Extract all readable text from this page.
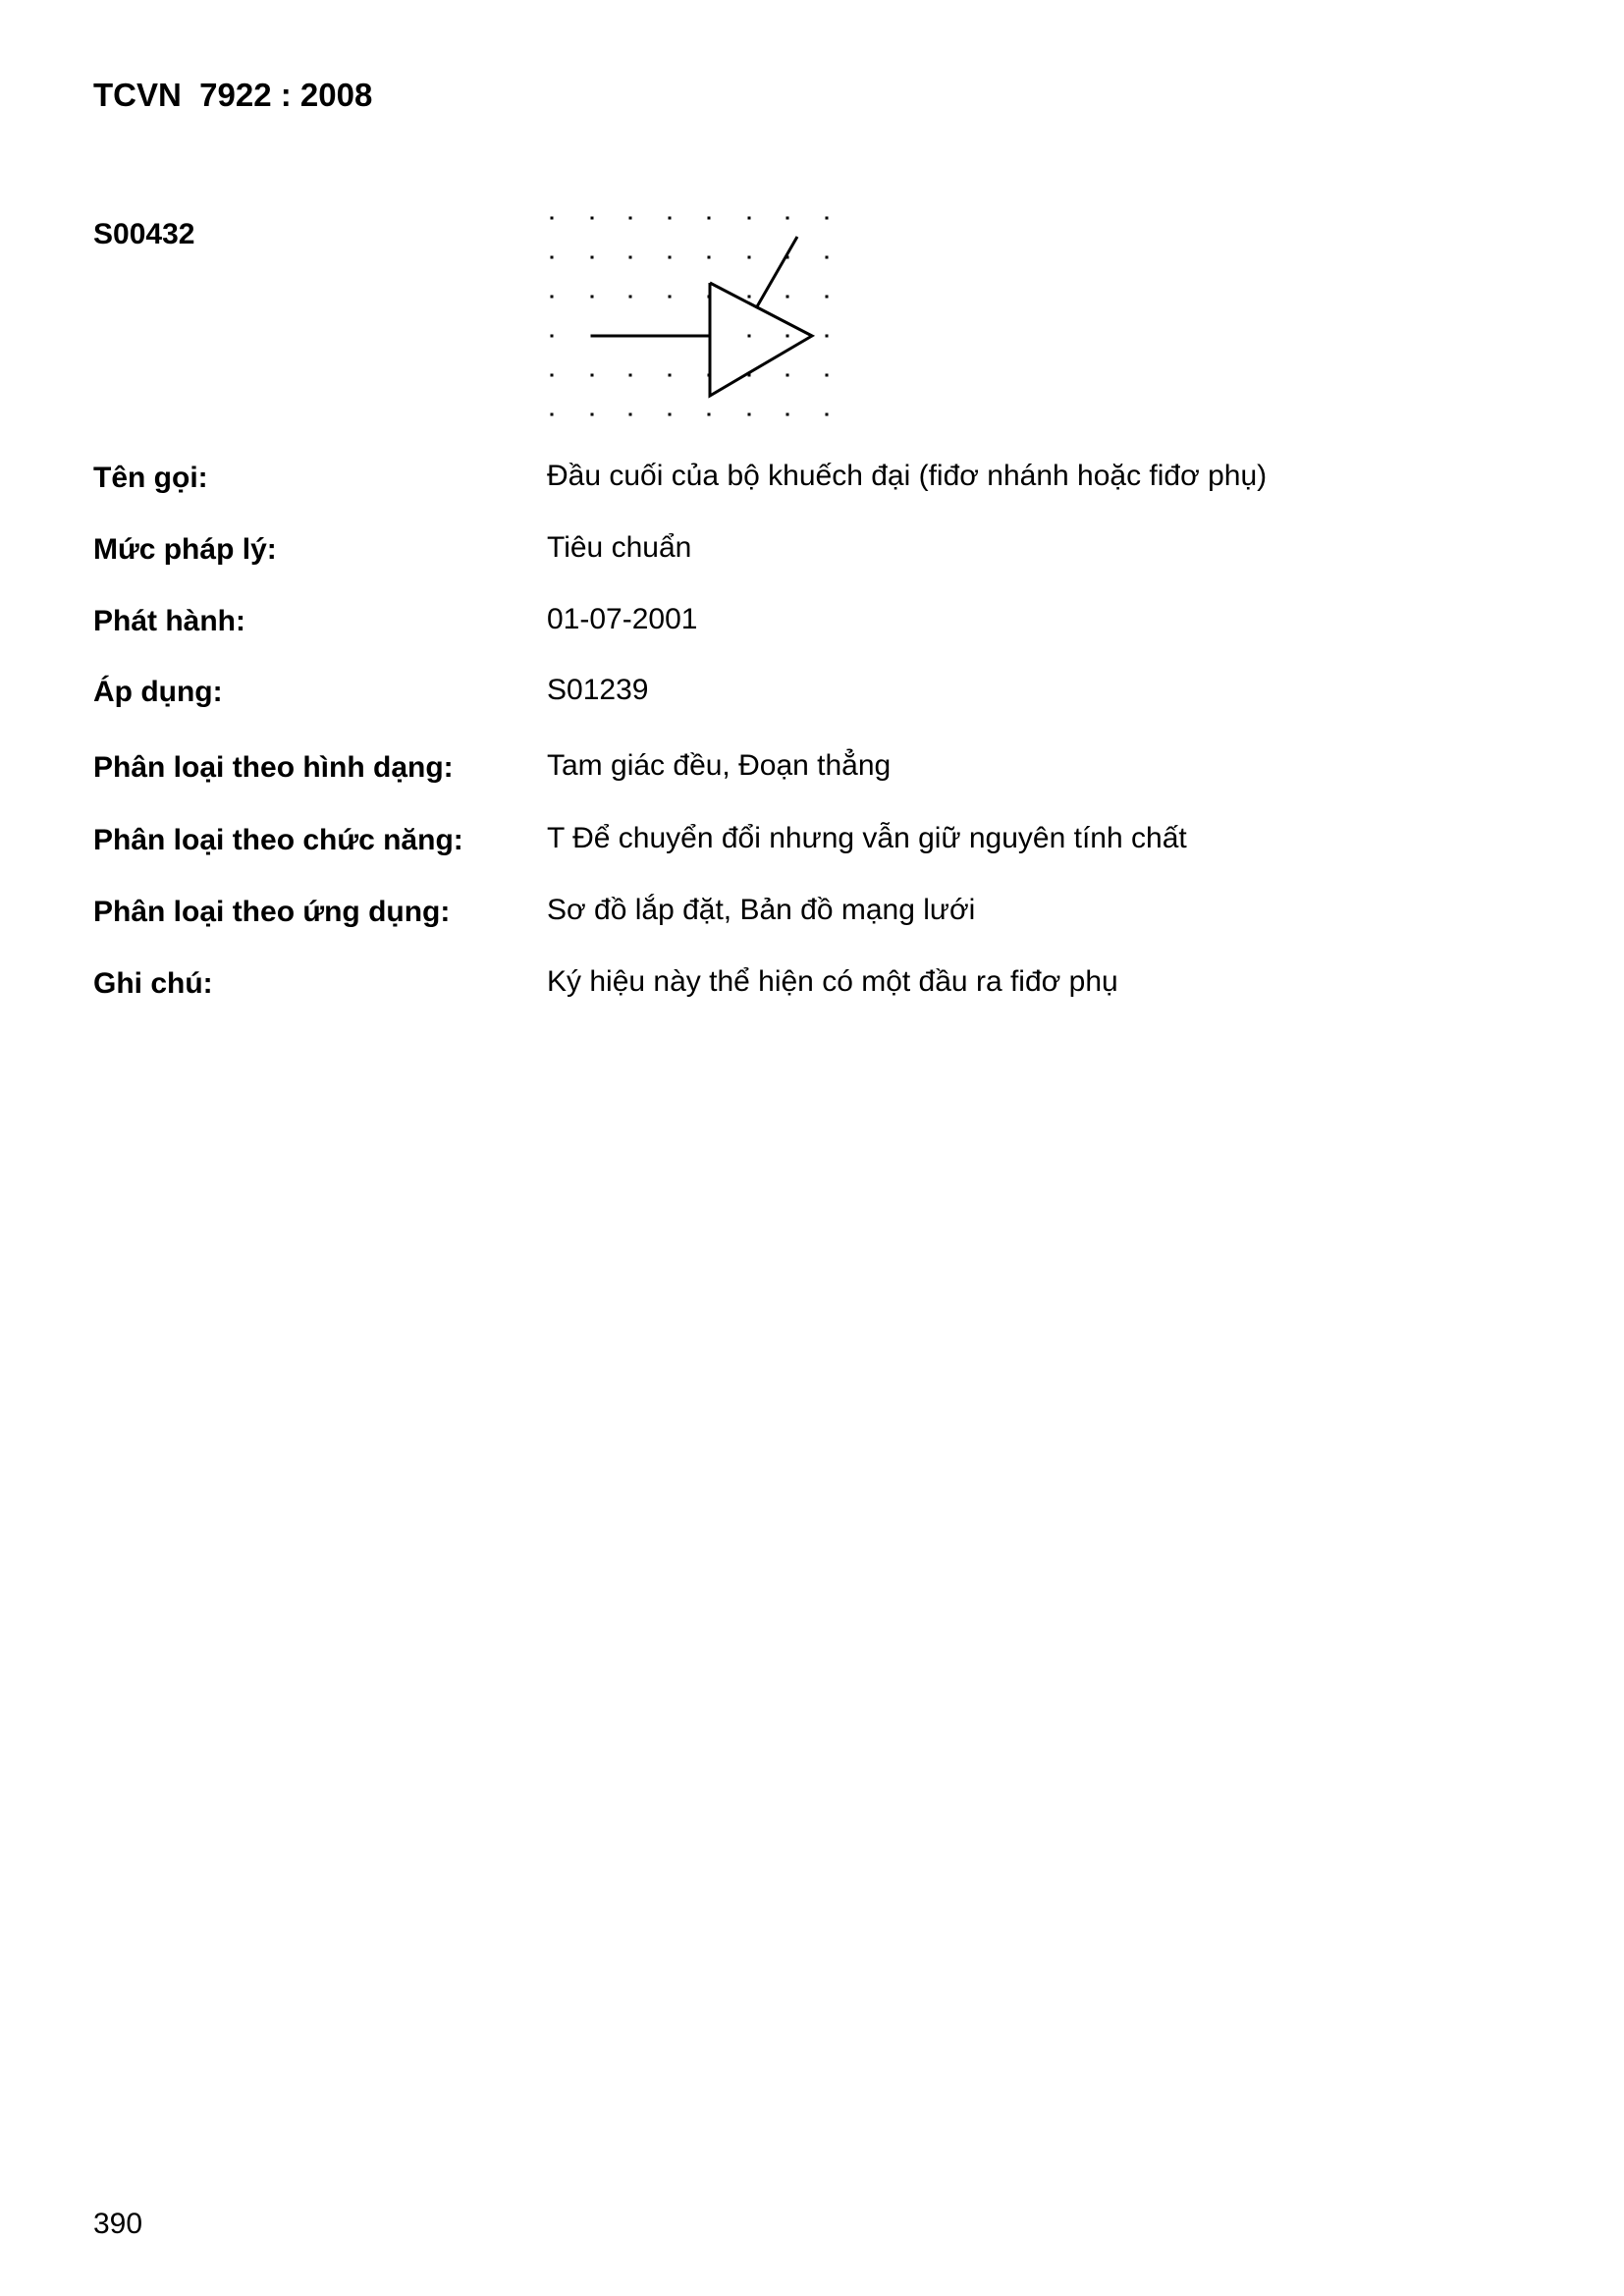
TCVN  7922 : 2008
S00432
Tên gọi:	Đầu cuối của bộ khuếch đại (fiđơ nhánh hoặc fiđơ phụ)
Mức pháp lý:	Tiêu chuẩn
Phát hành:	01-07-2001
Áp dụng:	S01239
Phân loại theo hình dạng:	Tam giác đều, Đoạn thẳng
Phân loại theo chức năng:	T Để chuyển đổi nhưng vẫn giữ nguyên tính chất
Phân loại theo ứng dụng:	Sơ đồ lắp đặt, Bản đồ mạng lưới
Ghi chú:	Ký hiệu này thể hiện có một đầu ra fiđơ phụ
390
